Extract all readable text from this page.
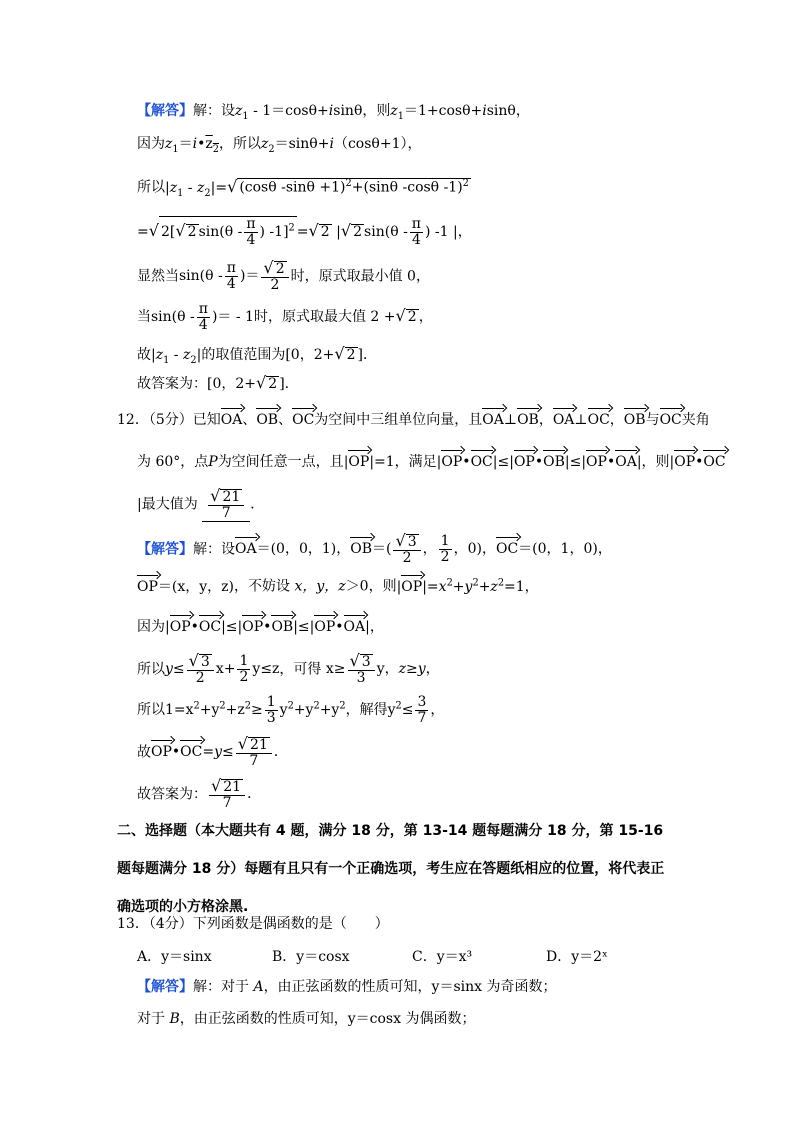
【解答】解：设$z_1 - 1=\cos\theta+isin\theta$，则$z_1=1+\cos\theta+isin\theta$，
因为$z_1=i•z_2$，所以$z_2=\sin\theta+i(\cos\theta+1)$，
所以$|z_1 - z_2|=√$ (cosθ -sinθ +1)$^2$+(sinθ -cosθ -1)$^2$
=√ 2[√ 2 $\sin(\theta - \frac{\pi}{4}$ ) -1]$^2$ =√ 2 |√ 2 $\sin(\theta - \frac{\pi}{4}$ ) -1 |，
显然当$\sin(\theta - \frac{\pi}{4}$ )＝ $\frac{√ 2}{2}$ 时，原式取最小值 0，
当$\sin(\theta - \frac{\pi}{4}$ )＝ - 1时，原式取最大值 2 +√ 2 ，
故$|z_1 - z_2|$的取值范围为[0，2+√ 2 ]．
故答案为：[0，2+√ 2 ]．
12．（5分）已知OA、OB、OC为空间中三组单位向量，且OA⊥OB，OA⊥OC，OB与OC夹角
为 60°，点P为空间任意一点，且|OP|=1，满足|OP•OC|≤|OP•OB|≤|OP•OA|，则|OP•OC
|最大值为 $\frac{√ 21}{7}$ ．
【解答】解：设OA＝(0，0，1)，$OB=( \frac{√ 3}{2}$ ， $\frac{1}{2}$ ，0)，OC＝(0，1，0)，
OP＝(x，y，z)，不妨设 x，y，z＞0，则$|OP|=x^2+y^2+z^2=1$，
因为|OP•OC|≤|OP•OB|≤|OP•OA|，
所以$y\le \frac{√ 3}{2} x+ \frac{1}{2} y\le z$，可得 $x\ge \frac{√ 3}{3}$ y，z≥y，
所以$1=x^2+y^2+z^2\ge \frac{1}{3} y^2+y^2+y^2$，解得$y^2\le \frac{3}{7}$ ，
故OP•OC=y≤ $\frac{√ 21}{7}$ ．
故答案为： $\frac{√ 21}{7}$ ．
二、选择题（本大题共有 4 题，满分 18 分，第 13-14 题每题满分 18 分，第 15-16 题每题满分 18 分）每题有且只有一个正确选项，考生应在答题纸相应的位置，将代表正确选项的小方格涂黑.
13．（4分）下列函数是偶函数的是（　　）
A．y＝sinx	B．y＝cosx	C．y＝x³	D．y＝2ˣ
【解答】解：对于 A，由正弦函数的性质可知，y＝sinx 为奇函数；
对于 B，由正弦函数的性质可知，y＝cosx 为偶函数；
